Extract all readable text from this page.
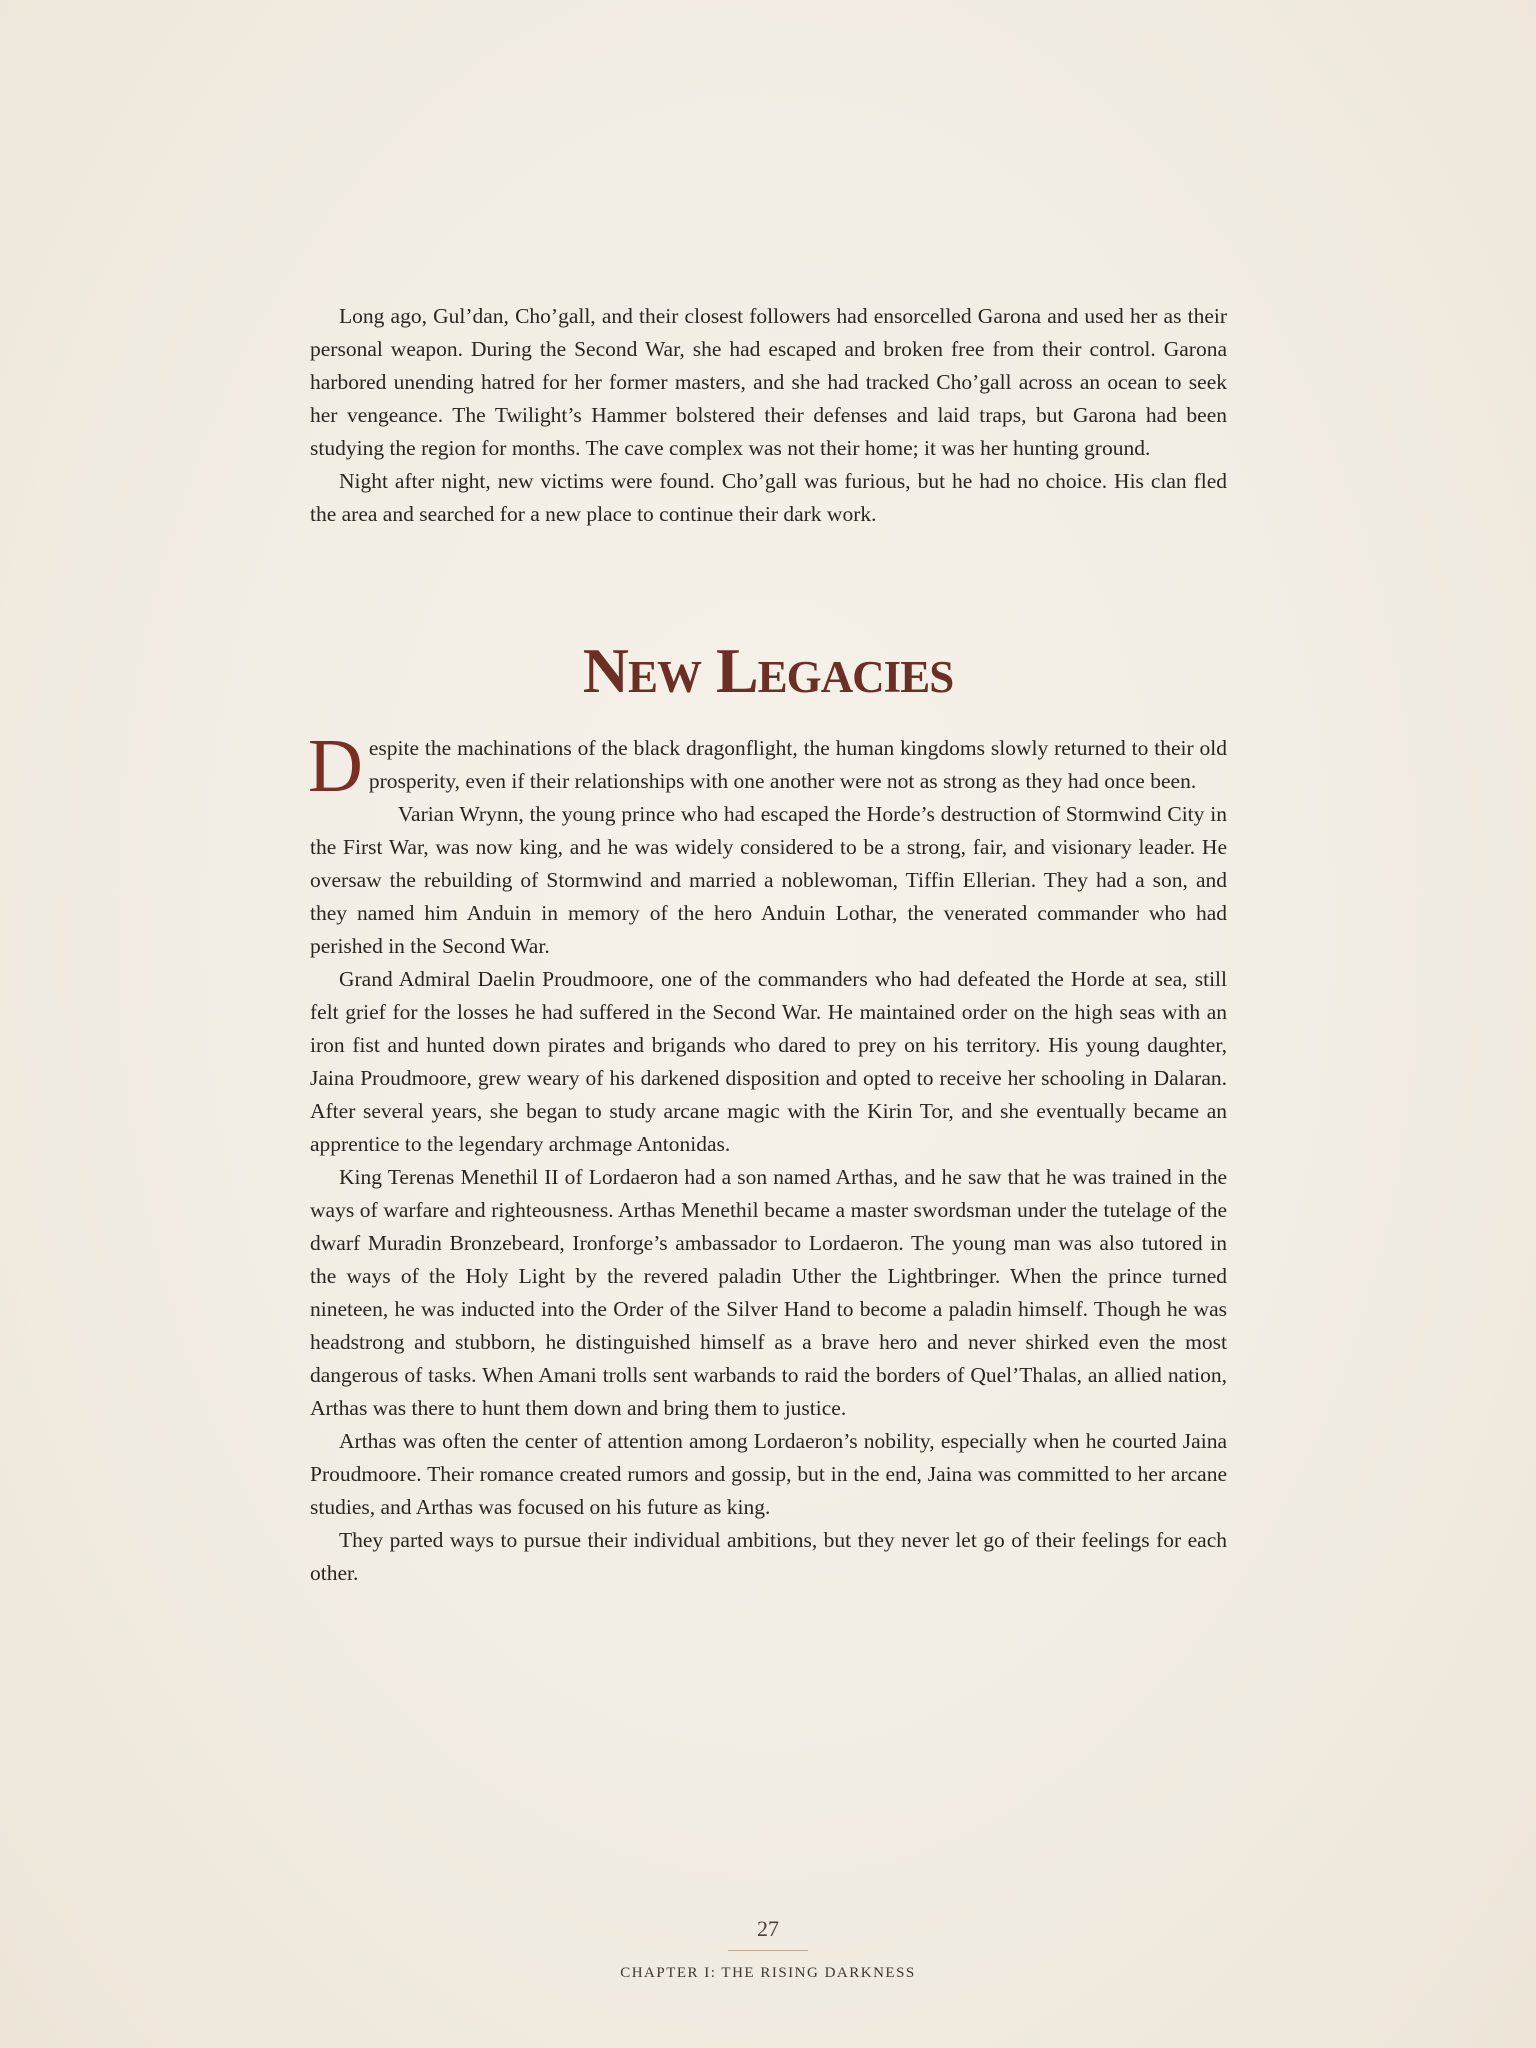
Long ago, Gul’dan, Cho’gall, and their closest followers had ensorcelled Garona and used her as their personal weapon. During the Second War, she had escaped and broken free from their control. Garona harbored unending hatred for her former masters, and she had tracked Cho’gall across an ocean to seek her vengeance. The Twilight’s Hammer bolstered their defenses and laid traps, but Garona had been studying the region for months. The cave complex was not their home; it was her hunting ground.

Night after night, new victims were found. Cho’gall was furious, but he had no choice. His clan fled the area and searched for a new place to continue their dark work.

New Legacies

Despite the machinations of the black dragonflight, the human kingdoms slowly returned to their old prosperity, even if their relationships with one another were not as strong as they had once been.

Varian Wrynn, the young prince who had escaped the Horde’s destruction of Stormwind City in the First War, was now king, and he was widely considered to be a strong, fair, and visionary leader. He oversaw the rebuilding of Stormwind and married a noblewoman, Tiffin Ellerian. They had a son, and they named him Anduin in memory of the hero Anduin Lothar, the venerated commander who had perished in the Second War.

Grand Admiral Daelin Proudmoore, one of the commanders who had defeated the Horde at sea, still felt grief for the losses he had suffered in the Second War. He maintained order on the high seas with an iron fist and hunted down pirates and brigands who dared to prey on his territory. His young daughter, Jaina Proudmoore, grew weary of his darkened disposition and opted to receive her schooling in Dalaran. After several years, she began to study arcane magic with the Kirin Tor, and she eventually became an apprentice to the legendary archmage Antonidas.

King Terenas Menethil II of Lordaeron had a son named Arthas, and he saw that he was trained in the ways of warfare and righteousness. Arthas Menethil became a master swordsman under the tutelage of the dwarf Muradin Bronzebeard, Ironforge’s ambassador to Lordaeron. The young man was also tutored in the ways of the Holy Light by the revered paladin Uther the Lightbringer. When the prince turned nineteen, he was inducted into the Order of the Silver Hand to become a paladin himself. Though he was headstrong and stubborn, he distinguished himself as a brave hero and never shirked even the most dangerous of tasks. When Amani trolls sent warbands to raid the borders of Quel’Thalas, an allied nation, Arthas was there to hunt them down and bring them to justice.

Arthas was often the center of attention among Lordaeron’s nobility, especially when he courted Jaina Proudmoore. Their romance created rumors and gossip, but in the end, Jaina was committed to her arcane studies, and Arthas was focused on his future as king.

They parted ways to pursue their individual ambitions, but they never let go of their feelings for each other.

27
CHAPTER I: THE RISING DARKNESS
